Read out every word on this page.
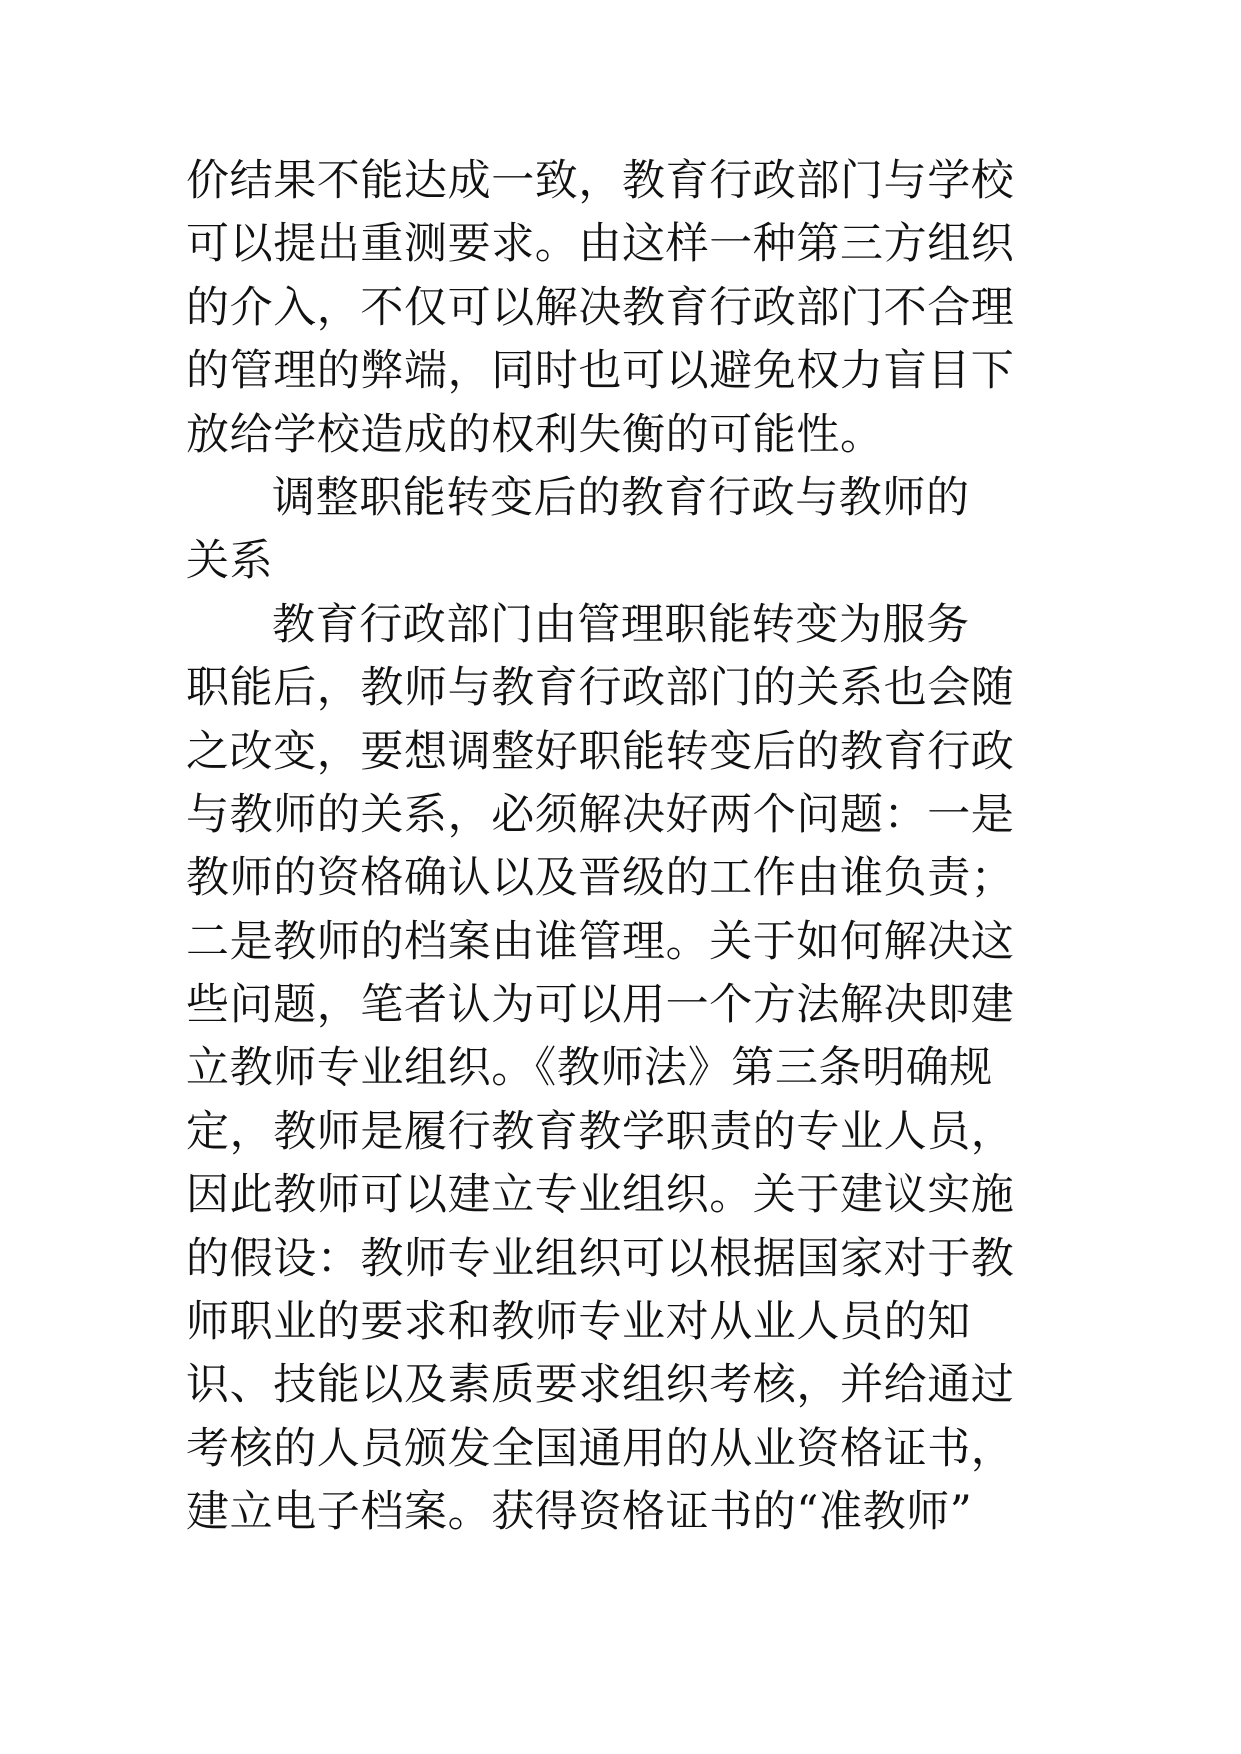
价结果不能达成一致，教育行政部门与学校
可以提出重测要求。由这样一种第三方组织
的介入，不仅可以解决教育行政部门不合理
的管理的弊端，同时也可以避免权力盲目下
放给学校造成的权利失衡的可能性。
调整职能转变后的教育行政与教师的
关系
教育行政部门由管理职能转变为服务
职能后，教师与教育行政部门的关系也会随
之改变，要想调整好职能转变后的教育行政
与教师的关系，必须解决好两个问题：一是
教师的资格确认以及晋级的工作由谁负责；
二是教师的档案由谁管理。关于如何解决这
些问题，笔者认为可以用一个方法解决即建
立教师专业组织。《教师法》第三条明确规
定，教师是履行教育教学职责的专业人员，
因此教师可以建立专业组织。关于建议实施
的假设：教师专业组织可以根据国家对于教
师职业的要求和教师专业对从业人员的知
识、技能以及素质要求组织考核，并给通过
考核的人员颁发全国通用的从业资格证书，
建立电子档案。获得资格证书的“准教师”
